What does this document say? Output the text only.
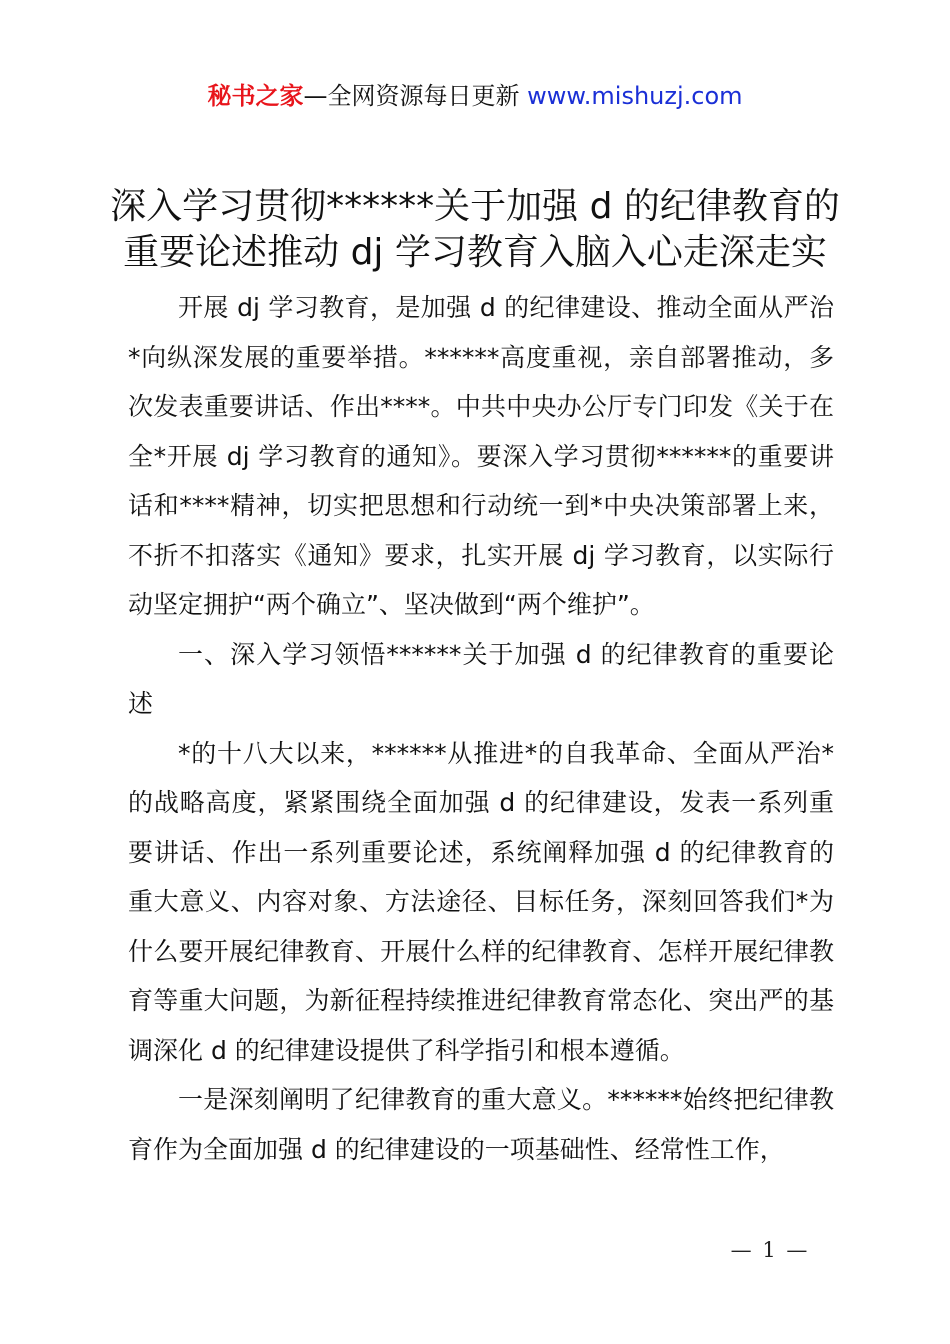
秘书之家—全网资源每日更新 www.mishuzj.com
深入学习贯彻******关于加强 d 的纪律教育的
重要论述推动 dj 学习教育入脑入心走深走实

开展 dj 学习教育，是加强 d 的纪律建设、推动全面从严治*向纵深发展的重要举措。******高度重视，亲自部署推动，多次发表重要讲话、作出****。中共中央办公厅专门印发《关于在全*开展 dj 学习教育的通知》。要深入学习贯彻******的重要讲话和****精神，切实把思想和行动统一到*中央决策部署上来，不折不扣落实《通知》要求，扎实开展 dj 学习教育，以实际行动坚定拥护“两个确立”、坚决做到“两个维护”。

一、深入学习领悟******关于加强 d 的纪律教育的重要论述

*的十八大以来，******从推进*的自我革命、全面从严治*的战略高度，紧紧围绕全面加强 d 的纪律建设，发表一系列重要讲话、作出一系列重要论述，系统阐释加强 d 的纪律教育的重大意义、内容对象、方法途径、目标任务，深刻回答我们*为什么要开展纪律教育、开展什么样的纪律教育、怎样开展纪律教育等重大问题，为新征程持续推进纪律教育常态化、突出严的基调深化 d 的纪律建设提供了科学指引和根本遵循。

一是深刻阐明了纪律教育的重大意义。******始终把纪律教育作为全面加强 d 的纪律建设的一项基础性、经常性工作，

— 1 —
